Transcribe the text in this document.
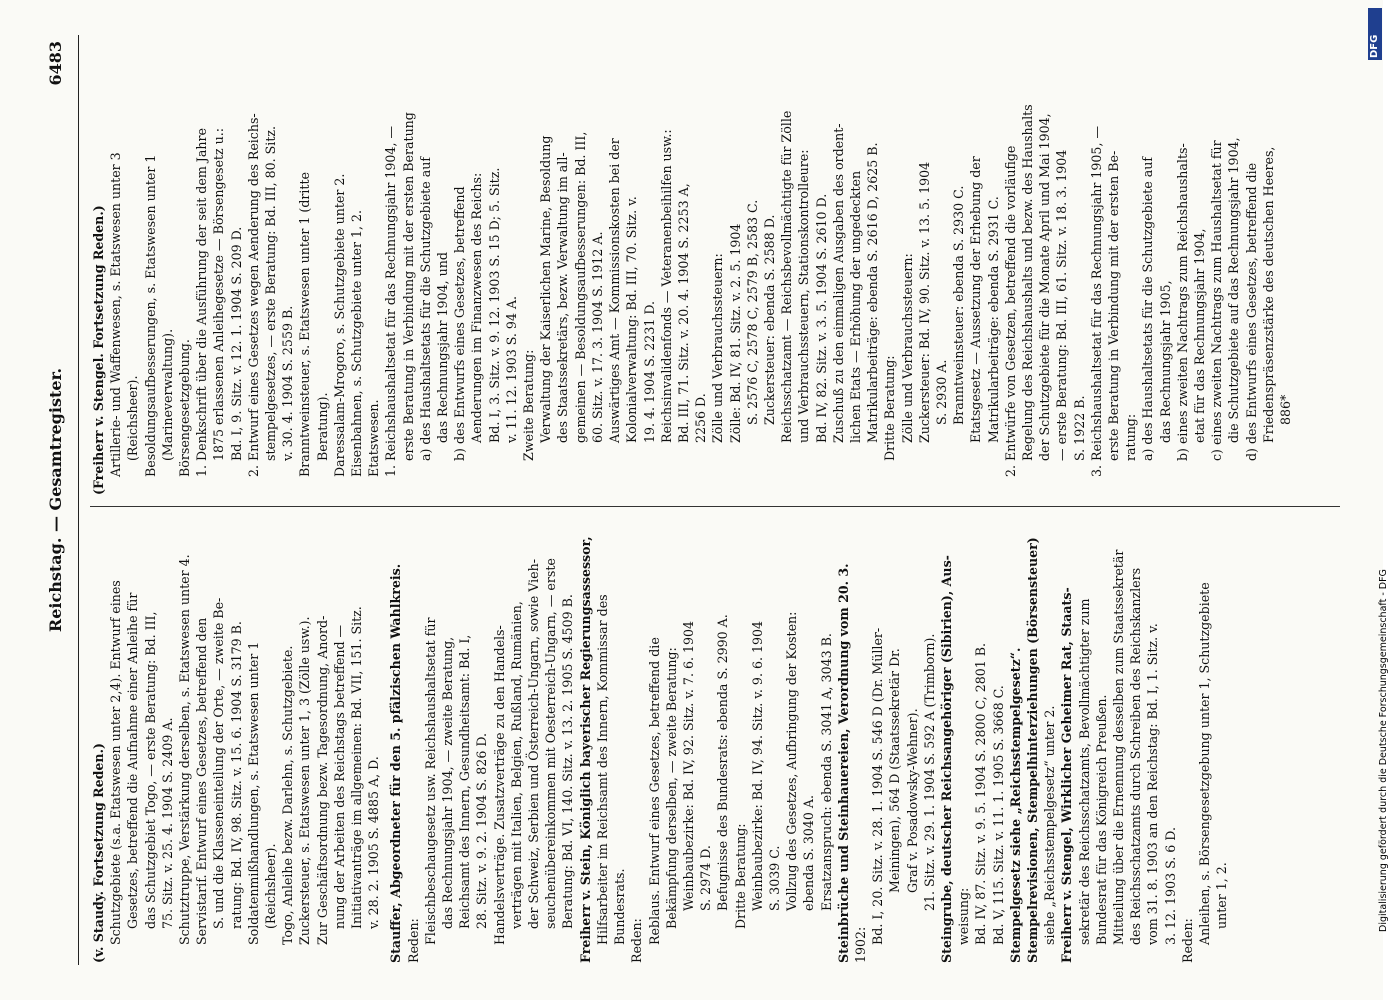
Reichstag. — Gesamtregister.
6483
(v. Staudy. Fortsetzung Reden.) Schutzgebiete (s.a. Etatswesen unter 2,4). Entwurf eines Gesetzes, betreffend die Aufnahme einer Anleihe für das Schutzgebiet Togo, — erste Beratung: Bd. III, 75. Sitz. v. 25. 4. 1904 S. 2409 A. Schutztruppe, Verstärkung derselben, s. Etatswesen unter 4. Servistarif. Entwurf eines Gesetzes, betreffend den S. und die Klasseneinteilung der Orte, — zweite Be- ratung: Bd. IV, 98. Sitz. v. 15. 6. 1904 S. 3179 B. Soldatenmißhandlungen, s. Etatswesen unter 1 (Reichsheer). Togo, Anleihe bezw. Darlehn, s. Schutzgebiete. Zuckersteuer, s. Etatswesen unter 1, 3 (Zölle usw.). Zur Geschäftsordnung bezw. Tagesordnung, Anord- nung der Arbeiten des Reichstags betreffend — Initiativanträge im allgemeinen: Bd. VII, 151. Sitz. v. 28. 2. 1905 S. 4885 A, D. Stauffer, Abgeordneter für den 5. pfälzischen Wahlkreis. Reden: Fleischbeschaugesetz usw. Reichshaushaltsetat für das Rechnungsjahr 1904, — zweite Beratung, Reichsamt des Innern, Gesundheitsamt: Bd. I, 28. Sitz. v. 9. 2. 1904 S. 826 D. Handelsverträge. Zusatzverträge zu den Handels- verträgen mit Italien, Belgien, Rußland, Rumänien, der Schweiz, Serbien und Österreich-Ungarn, sowie Vieh- seuchenübereinkommen mit Oesterreich-Ungarn, — erste Beratung: Bd. VI, 140. Sitz. v. 13. 2. 1905 S. 4509 B. Freiherr v. Stein, Königlich bayerischer Regierungsassessor, Hilfsarbeiter im Reichsamt des Innern, Kommissar des Bundesrats. Reden: Reblaus. Entwurf eines Gesetzes, betreffend die Bekämpfung derselben, — zweite Beratung: Weinbaubezirke: Bd. IV, 92. Sitz. v. 7. 6. 1904 S. 2974 D. Befugnisse des Bundesrats: ebenda S. 2990 A. Dritte Beratung: Weinbaubezirke: Bd. IV, 94. Sitz. v. 9. 6. 1904 S. 3039 C. Vollzug des Gesetzes, Aufbringung der Kosten: ebenda S. 3040 A. Ersatzanspruch: ebenda S. 3041 A, 3043 B. Steinbrüche und Steinhauereien, Verordnung vom 20. 3. 1902: Bd. I, 20. Sitz. v. 28. 1. 1904 S. 546 D (Dr. Müller- Meiningen), 564 D (Staatssekretär Dr. Graf v. Posadowsky-Wehner). 21. Sitz. v. 29. 1. 1904 S. 592 A (Trimborn). Steingrube, deutscher Reichsangehöriger (Sibirien), Aus- weisung: Bd. IV, 87. Sitz. v. 9. 5. 1904 S. 2800 C, 2801 B. Bd. V, 115. Sitz. v. 11. 1. 1905 S. 3668 C. Stempelgesetz siehe „Reichsstempelgesetz“. Stempelrevisionen, Stempelhinterziehungen (Börsensteuer) siehe „Reichsstempelgesetz“ unter 2. Freiherr v. Stengel, Wirklicher Geheimer Rat, Staats- sekretär des Reichsschatzamts, Bevollmächtigter zum Bundesrat für das Königreich Preußen. Mitteilung über die Ernennung desselben zum Staatssekretär des Reichsschatzamts durch Schreiben des Reichskanzlers vom 31. 8. 1903 an den Reichstag: Bd. I, 1. Sitz. v. 3. 12. 1903 S. 6 D. Reden: Anleihen, s. Börsengesetzgebung unter 1, Schutzgebiete unter 1, 2.
(Freiherr v. Stengel. Fortsetzung Reden.) Artillerie- und Waffenwesen, s. Etatswesen unter 3 (Reichsheer). Besoldungsaufbesserungen, s. Etatswesen unter 1 (Marineverwaltung). Börsengesetzgebung. 1. Denkschrift über die Ausführung der seit dem Jahre 1875 erlassenen Anleihegesetze — Börsengesetz u.: Bd. I, 9. Sitz. v. 12. 1. 1904 S. 209 D. 2. Entwurf eines Gesetzes wegen Aenderung des Reichs- stempelgesetzes, — erste Beratung: Bd. III, 80. Sitz. v. 30. 4. 1904 S. 2559 B. Branntweinsteuer, s. Etatswesen unter 1 (dritte Beratung). Daressalam-Mrogoro, s. Schutzgebiete unter 2. Eisenbahnen, s. Schutzgebiete unter 1, 2. Etatswesen. 1. Reichshaushaltsetat für das Rechnungsjahr 1904, — erste Beratung in Verbindung mit der ersten Beratung a) des Haushaltsetats für die Schutzgebiete auf das Rechnungsjahr 1904, und b) des Entwurfs eines Gesetzes, betreffend Aenderungen im Finanzwesen des Reichs: Bd. I, 3. Sitz. v. 9. 12. 1903 S. 15 D; 5. Sitz. v. 11. 12. 1903 S. 94 A. Zweite Beratung: Verwaltung der Kaiserlichen Marine, Besoldung des Staatssekretärs, bezw. Verwaltung im all- gemeinen — Besoldungsaufbesserungen: Bd. III, 60. Sitz. v. 17. 3. 1904 S. 1912 A. Auswärtiges Amt — Kommissionskosten bei der Kolonialverwaltung: Bd. III, 70. Sitz. v. 19. 4. 1904 S. 2231 D. Reichsinvalidenfonds — Veteranenbeihilfen usw.: Bd. III, 71. Sitz. v. 20. 4. 1904 S. 2253 A, 2256 D. Zölle und Verbrauchssteuern: Zölle: Bd. IV, 81. Sitz. v. 2. 5. 1904 S. 2576 C, 2578 C, 2579 B, 2583 C. Zuckersteuer: ebenda S. 2588 D. Reichsschatzamt — Reichsbevollmächtigte für Zölle und Verbrauchssteuern, Stationskontrolleure: Bd. IV, 82. Sitz. v. 3. 5. 1904 S. 2610 D. Zuschuß zu den einmaligen Ausgaben des ordent- lichen Etats — Erhöhung der ungedeckten Matrikularbeiträge: ebenda S. 2616 D, 2625 B. Dritte Beratung: Zölle und Verbrauchssteuern: Zuckersteuer: Bd. IV, 90. Sitz. v. 13. 5. 1904 S. 2930 A. Branntweinsteuer: ebenda S. 2930 C. Etatsgesetz — Aussetzung der Erhebung der Matrikularbeiträge: ebenda S. 2931 C. 2. Entwürfe von Gesetzen, betreffend die vorläufige Regelung des Reichshaushalts und bezw. des Haushalts der Schutzgebiete für die Monate April und Mai 1904, — erste Beratung: Bd. III, 61. Sitz. v. 18. 3. 1904 S. 1922 B. 3. Reichshaushaltsetat für das Rechnungsjahr 1905, — erste Beratung in Verbindung mit der ersten Be- ratung: a) des Haushaltsetats für die Schutzgebiete auf das Rechnungsjahr 1905, b) eines zweiten Nachtrags zum Reichshaushalts- etat für das Rechnungsjahr 1904, c) eines zweiten Nachtrags zum Haushaltsetat für die Schutzgebiete auf das Rechnungsjahr 1904, d) des Entwurfs eines Gesetzes, betreffend die Friedenspräsenzstärke des deutschen Heeres, 886*
DFG
Digitalisierung gefördert durch die Deutsche Forschungsgemeinschaft - DFG
